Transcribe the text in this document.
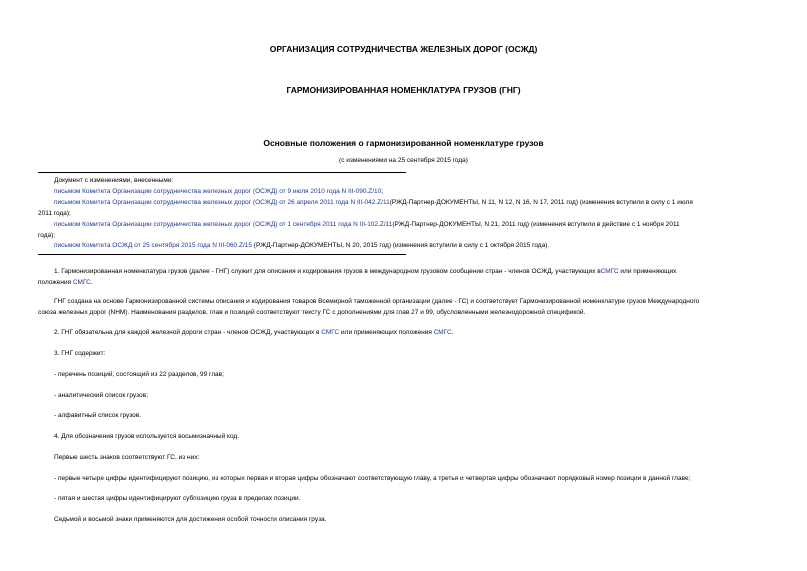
ОРГАНИЗАЦИЯ СОТРУДНИЧЕСТВА ЖЕЛЕЗНЫХ ДОРОГ (ОСЖД)
ГАРМОНИЗИРОВАННАЯ НОМЕНКЛАТУРА ГРУЗОВ (ГНГ)
Основные положения о гармонизированной номенклатуре грузов
(с изменениями на 25 сентября 2015 года)
Документ с изменениями, внесенными:
письмом Комитета Организации сотрудничества железных дорог (ОСЖД) от 9 июля 2010 года N III-090.Z/10;
письмом Комитета Организации сотрудничества железных дорог (ОСЖД) от 26 апреля 2011 года N III-042.Z/11(РЖД-Партнер-ДОКУМЕНТЫ, N 11, N 12, N 16, N 17, 2011 год) (изменения вступили в силу с 1 июля
2011 года);
письмом Комитета Организации сотрудничества железных дорог (ОСЖД) от 1 сентября 2011 года N III-102.Z/11(РЖД-Партнер-ДОКУМЕНТЫ, N 21, 2011 год) (изменения вступили в действие с 1 ноября 2011
года);
письмом Комитета ОСЖД от 25 сентября 2015 года N III-060.Z/15 (РЖД-Партнер-ДОКУМЕНТЫ, N 20, 2015 год) (изменения вступили в силу с 1 октября 2015 года).
1. Гармонизированная номенклатура грузов (далее - ГНГ) служит для описания и кодирования грузов в международном грузовом сообщении стран - членов ОСЖД, участвующих вСМГС или применяющих
положения СМГС.
ГНГ создана на основе Гармонизированной системы описания и кодирования товаров Всемирной таможенной организации (далее - ГС) и соответствует Гармонизированной номенклатуре грузов Международного
союза железных дорог (NHM). Наименования разделов, глав и позиций соответствуют тексту ГС с дополнениями для глав 27 и 99, обусловленными железнодорожной спецификой.
2. ГНГ обязательна для каждой железной дороги стран - членов ОСЖД, участвующих в СМГС или применяющих положения СМГС.
3. ГНГ содержит:
- перечень позиций, состоящий из 22 разделов, 99 глав;
- аналитический список грузов;
- алфавитный список грузов.
4. Для обозначения грузов используется восьмизначный код.
Первые шесть знаков соответствуют ГС, из них:
- первые четыре цифры идентифицируют позицию, из которых первая и вторая цифры обозначают соответствующую главу, а третья и четвертая цифры обозначают порядковый номер позиции в данной главе;
- пятая и шестая цифры идентифицируют субпозицию груза в пределах позиции.
Седьмой и восьмой знаки применяются для достижения особой точности описания груза.
